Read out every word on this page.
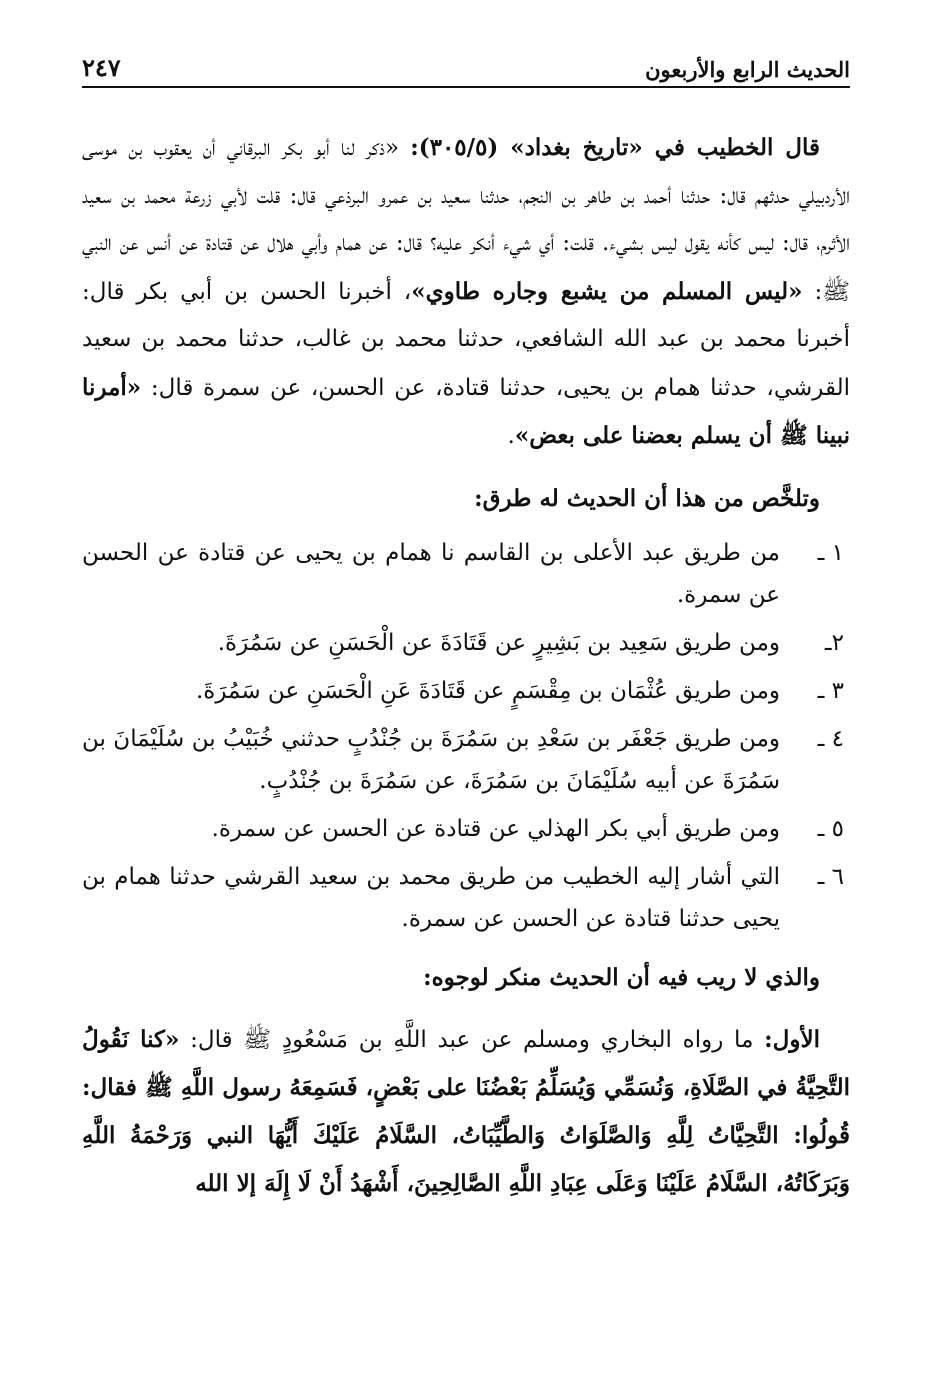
الحديث الرابع والأربعون
٢٤٧

قال الخطيب في «تاريخ بغداد» (٣٠٥/٥): «ذكر لنا أبو بكر البرقاني أن يعقوب بن موسى الأردبيلي حدثهم قال: حدثنا أحمد بن طاهر بن النجم، حدثنا سعيد بن عمرو البرذعي قال: قلت لأبي زرعة محمد بن سعيد الأثرم، قال: ليس كأنه يقول ليس بشيء. قلت: أي شيء أنكر عليه؟ قال: عن همام وأبي هلال عن قتادة عن أنس عن النبي ﷺ: «ليس المسلم من يشبع وجاره طاوي»، أخبرنا الحسن بن أبي بكر قال: أخبرنا محمد بن عبد الله الشافعي، حدثنا محمد بن غالب، حدثنا محمد بن سعيد القرشي، حدثنا همام بن يحيى، حدثنا قتادة، عن الحسن، عن سمرة قال: «أمرنا نبينا ﷺ أن يسلم بعضنا على بعض».

وتلخَّص من هذا أن الحديث له طرق:

١ ـ
من طريق عبد الأعلى بن القاسم نا همام بن يحيى عن قتادة عن الحسن عن سمرة.
٢ـ
ومن طريق سَعِيد بن بَشِيرٍ عن قَتَادَةَ عن الْحَسَنِ عن سَمُرَةَ.
٣ ـ
ومن طريق عُثْمَان بن مِقْسَمٍ عن قَتَادَةَ عَنِ الْحَسَنِ عن سَمُرَةَ.
٤ ـ
ومن طريق جَعْفَر بن سَعْدِ بن سَمُرَةَ بن جُنْدُبٍ حدثني خُبَيْبُ بن سُلَيْمَانَ بن سَمُرَةَ عن أبيه سُلَيْمَانَ بن سَمُرَةَ، عن سَمُرَةَ بن جُنْدُبٍ.
٥ ـ
ومن طريق أبي بكر الهذلي عن قتادة عن الحسن عن سمرة.
٦ ـ
التي أشار إليه الخطيب من طريق محمد بن سعيد القرشي حدثنا همام بن يحيى حدثنا قتادة عن الحسن عن سمرة.

والذي لا ريب فيه أن الحديث منكر لوجوه:

الأول: ما رواه البخاري ومسلم عن عبد اللَّهِ بن مَسْعُودٍ ﷺ قال: «كنا نَقُولُ التَّحِيَّةُ في الصَّلَاةِ، وَنُسَمِّي وَيُسَلِّمُ بَعْضُنَا على بَعْضٍ، فَسَمِعَهُ رسول اللَّهِ ﷺ فقال: قُولُوا: التَّحِيَّاتُ لِلَّهِ وَالصَّلَوَاتُ وَالطَّيِّبَاتُ، السَّلَامُ عَلَيْكَ أَيُّهَا النبي وَرَحْمَةُ اللَّهِ وَبَرَكَاتُهُ، السَّلَامُ عَلَيْنَا وَعَلَى عِبَادِ اللَّهِ الصَّالِحِينَ، أَشْهَدُ أَنْ لَا إِلَهَ إلا الله
